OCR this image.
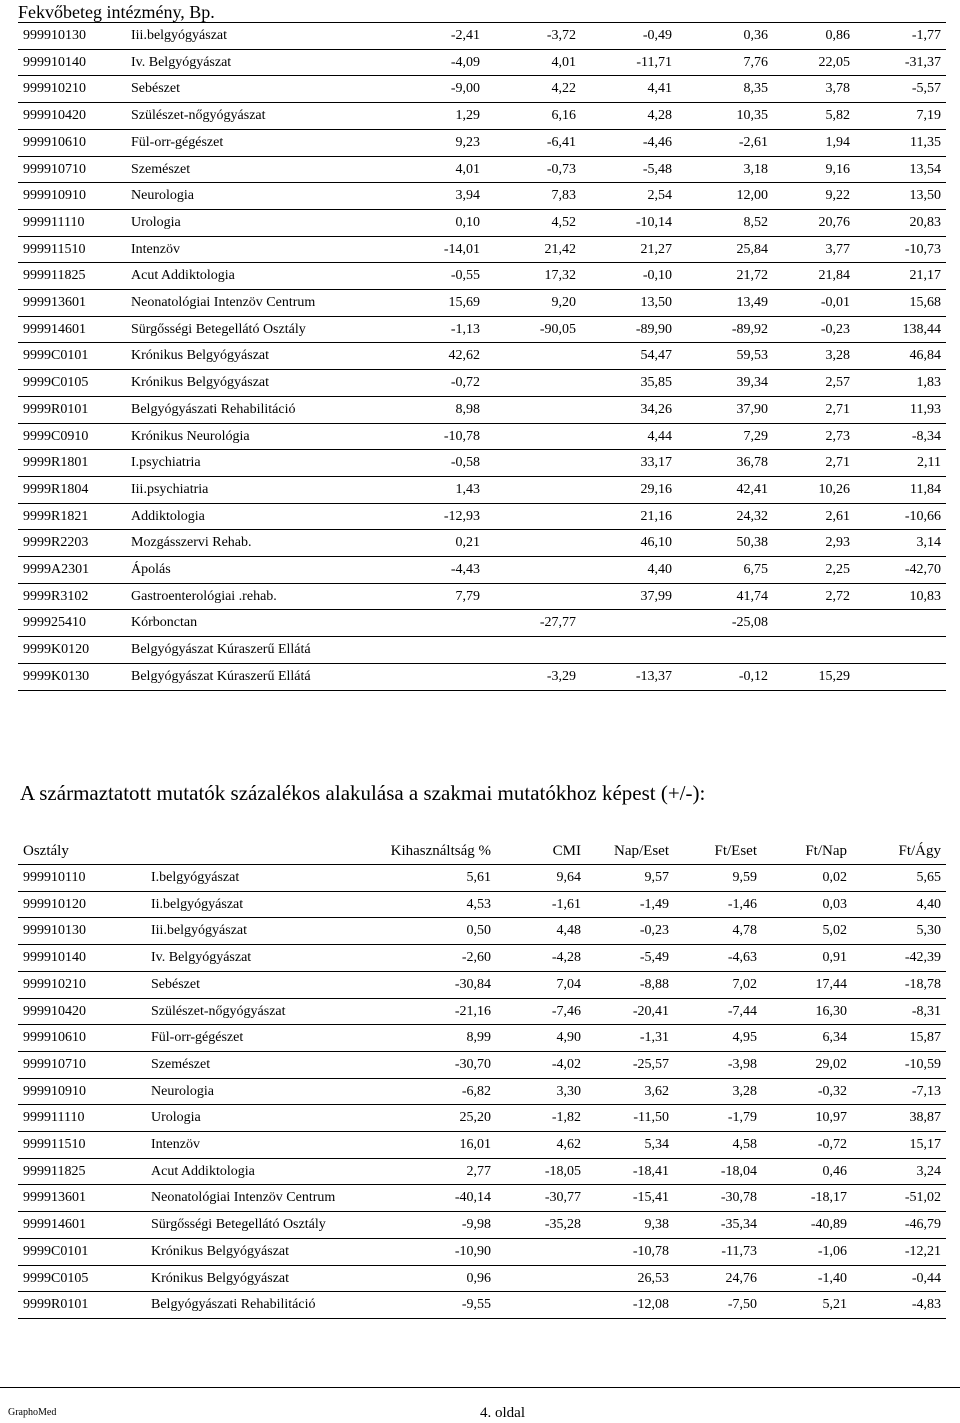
Fekvőbeteg intézmény, Bp.
999910130	Iii.belgyógyászat	-2,41	-3,72	-0,49	0,36	0,86	-1,77
999910140	Iv. Belgyógyászat	-4,09	4,01	-11,71	7,76	22,05	-31,37
999910210	Sebészet	-9,00	4,22	4,41	8,35	3,78	-5,57
999910420	Szülészet-nőgyógyászat	1,29	6,16	4,28	10,35	5,82	7,19
999910610	Fül-orr-gégészet	9,23	-6,41	-4,46	-2,61	1,94	11,35
999910710	Szemészet	4,01	-0,73	-5,48	3,18	9,16	13,54
999910910	Neurologia	3,94	7,83	2,54	12,00	9,22	13,50
999911110	Urologia	0,10	4,52	-10,14	8,52	20,76	20,83
999911510	Intenzöv	-14,01	21,42	21,27	25,84	3,77	-10,73
999911825	Acut Addiktologia	-0,55	17,32	-0,10	21,72	21,84	21,17
999913601	Neonatológiai Intenzöv Centrum	15,69	9,20	13,50	13,49	-0,01	15,68
999914601	Sürgősségi Betegellátó Osztály	-1,13	-90,05	-89,90	-89,92	-0,23	138,44
9999C0101	Krónikus Belgyógyászat	42,62		54,47	59,53	3,28	46,84
9999C0105	Krónikus Belgyógyászat	-0,72		35,85	39,34	2,57	1,83
9999R0101	Belgyógyászati Rehabilitáció	8,98		34,26	37,90	2,71	11,93
9999C0910	Krónikus Neurológia	-10,78		4,44	7,29	2,73	-8,34
9999R1801	I.psychiatria	-0,58		33,17	36,78	2,71	2,11
9999R1804	Iii.psychiatria	1,43		29,16	42,41	10,26	11,84
9999R1821	Addiktologia	-12,93		21,16	24,32	2,61	-10,66
9999R2203	Mozgásszervi Rehab.	0,21		46,10	50,38	2,93	3,14
9999A2301	Ápolás	-4,43		4,40	6,75	2,25	-42,70
9999R3102	Gastroenterológiai .rehab.	7,79		37,99	41,74	2,72	10,83
999925410	Kórbonctan		-27,77		-25,08		
9999K0120	Belgyógyászat Kúraszerű Ellátá						
9999K0130	Belgyógyászat Kúraszerű Ellátá		-3,29	-13,37	-0,12	15,29	
A származtatott mutatók százalékos alakulása a szakmai mutatókhoz képest (+/-):
Osztály		Kihasználtság %	CMI	Nap/Eset	Ft/Eset	Ft/Nap	Ft/Ágy
999910110	I.belgyógyászat	5,61	9,64	9,57	9,59	0,02	5,65
999910120	Ii.belgyógyászat	4,53	-1,61	-1,49	-1,46	0,03	4,40
999910130	Iii.belgyógyászat	0,50	4,48	-0,23	4,78	5,02	5,30
999910140	Iv. Belgyógyászat	-2,60	-4,28	-5,49	-4,63	0,91	-42,39
999910210	Sebészet	-30,84	7,04	-8,88	7,02	17,44	-18,78
999910420	Szülészet-nőgyógyászat	-21,16	-7,46	-20,41	-7,44	16,30	-8,31
999910610	Fül-orr-gégészet	8,99	4,90	-1,31	4,95	6,34	15,87
999910710	Szemészet	-30,70	-4,02	-25,57	-3,98	29,02	-10,59
999910910	Neurologia	-6,82	3,30	3,62	3,28	-0,32	-7,13
999911110	Urologia	25,20	-1,82	-11,50	-1,79	10,97	38,87
999911510	Intenzöv	16,01	4,62	5,34	4,58	-0,72	15,17
999911825	Acut Addiktologia	2,77	-18,05	-18,41	-18,04	0,46	3,24
999913601	Neonatológiai Intenzöv Centrum	-40,14	-30,77	-15,41	-30,78	-18,17	-51,02
999914601	Sürgősségi Betegellátó Osztály	-9,98	-35,28	9,38	-35,34	-40,89	-46,79
9999C0101	Krónikus Belgyógyászat	-10,90		-10,78	-11,73	-1,06	-12,21
9999C0105	Krónikus Belgyógyászat	0,96		26,53	24,76	-1,40	-0,44
9999R0101	Belgyógyászati Rehabilitáció	-9,55		-12,08	-7,50	5,21	-4,83
GraphoMed	4. oldal
